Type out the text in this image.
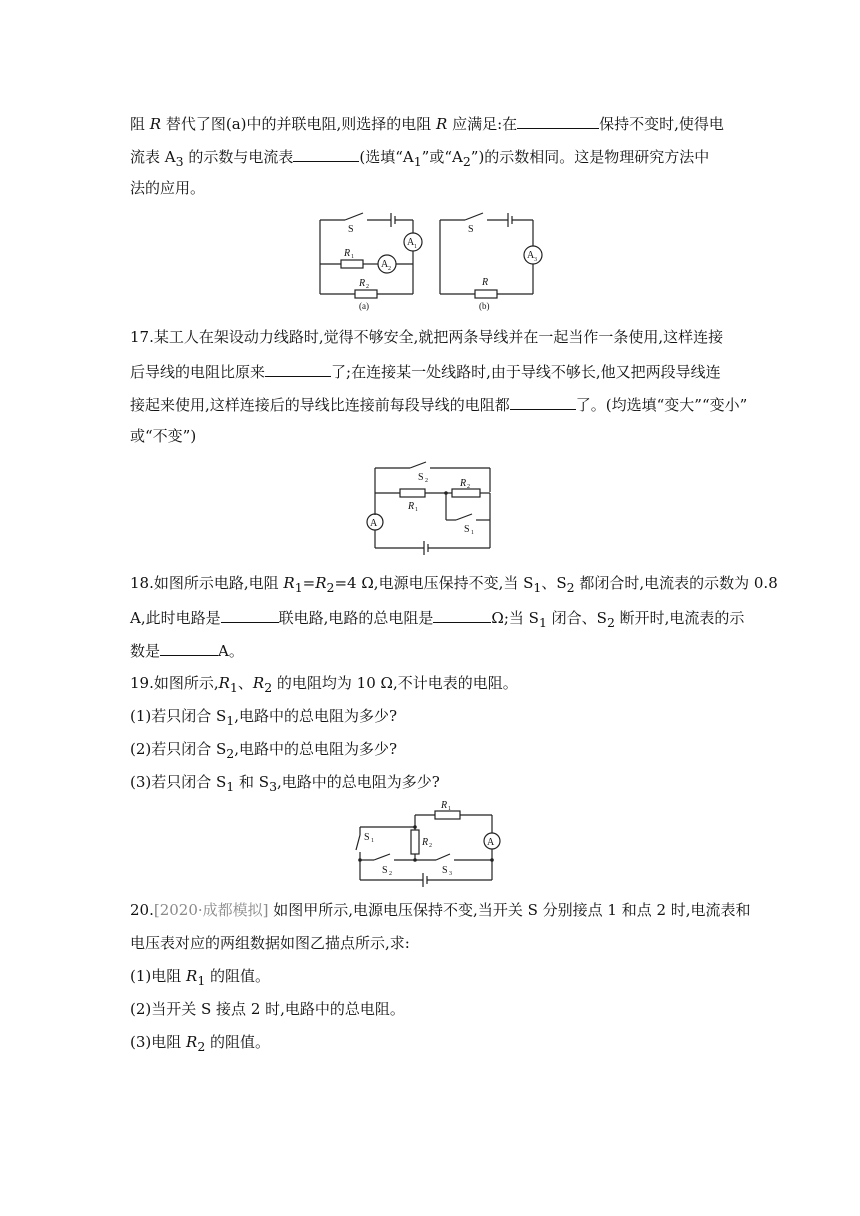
阻 R 替代了图(a)中的并联电阻,则选择的电阻 R 应满足:在	保持不变时,使得电
流表 $A_3$ 的示数与电流表	(选填“$A_1$”或“$A_2$”)的示数相同。这是物理研究方法中
法的应用。
S
A 1
R 1
A 2
R 2
(a)
S
A 3
R
(b)
17.某工人在架设动力线路时,觉得不够安全,就把两条导线并在一起当作一条使用,这样连接
后导线的电阻比原来	了;在连接某一处线路时,由于导线不够长,他又把两段导线连
接起来使用,这样连接后的导线比连接前每段导线的电阻都	了。(均选填“变大”“变小”
或“不变”)
S 2	R 2
R 1
A
S 1
18.如图所示电路,电阻 $R_1=R_2=4$ Ω,电源电压保持不变,当 $S_1$、$S_2$ 都闭合时,电流表的示数为 0.8
A,此时电路是	联电路,电路的总电阻是	Ω;当 $S_1$ 闭合、$S_2$ 断开时,电流表的示
数是	A。
19.如图所示$,R_1$、$R_2$ 的电阻均为 10 Ω,不计电表的电阻。
(1)若只闭合 $S_1$,电路中的总电阻为多少?
(2)若只闭合 $S_2$,电路中的总电阻为多少?
(3)若只闭合 $S_1$ 和 $S_3$,电路中的总电阻为多少?
R 1
S 1	R 2	A
S 2	S 3
20.[2020·成都模拟] 如图甲所示,电源电压保持不变,当开关 S 分别接点 1 和点 2 时,电流表和
电压表对应的两组数据如图乙描点所示,求:
(1)电阻 $R_1$ 的阻值。
(2)当开关 S 接点 2 时,电路中的总电阻。
(3)电阻 $R_2$ 的阻值。
